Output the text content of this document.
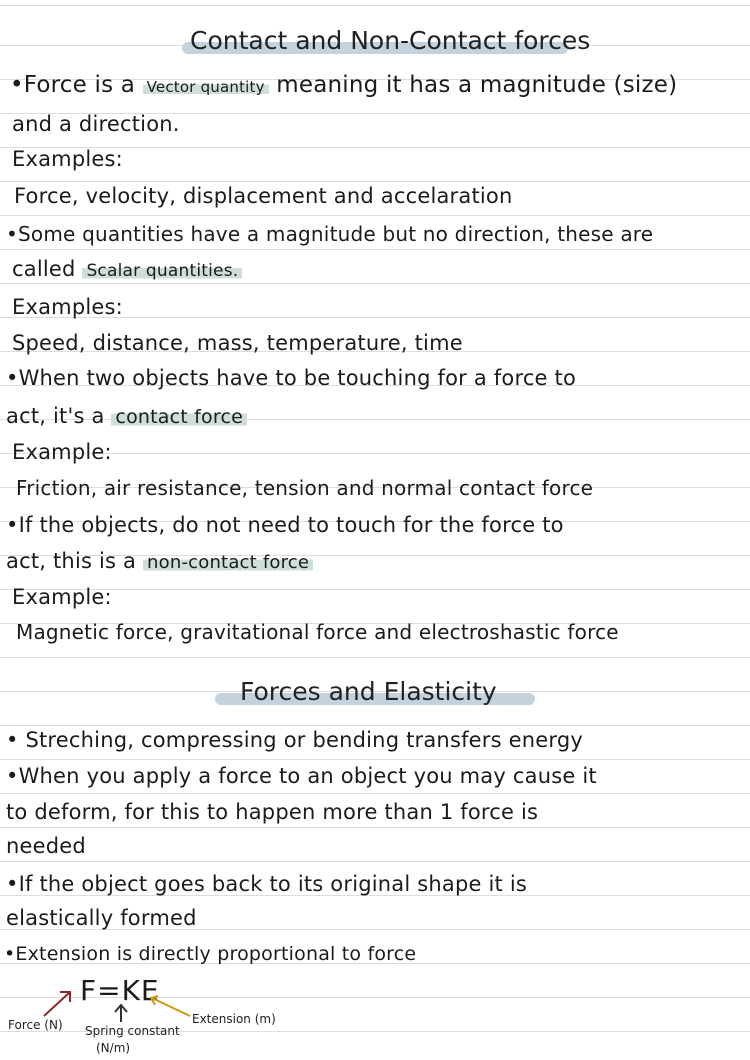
Contact and Non-Contact forces
•Force is a Vector quantity meaning it has a magnitude (size)
and a direction.
Examples:
Force, velocity, displacement and accelaration
•Some quantities have a magnitude but no direction, these are
called Scalar quantities.
Examples:
Speed, distance, mass, temperature, time
•When two objects have to be touching for a force to
act, it's a contact force
Example:
Friction, air resistance, tension and normal contact force
•If the objects, do not need to touch for the force to
act, this is a non-contact force
Example:
Magnetic force, gravitational force and electroshastic force
Forces and Elasticity
• Streching, compressing or bending transfers energy
•When you apply a force to an object you may cause it
to deform, for this to happen more than 1 force is
needed
•If the object goes back to its original shape it is
elastically formed
•Extension is directly proportional to force
F=KE
Force (N) Spring constant
(N/m)
Extension (m)
